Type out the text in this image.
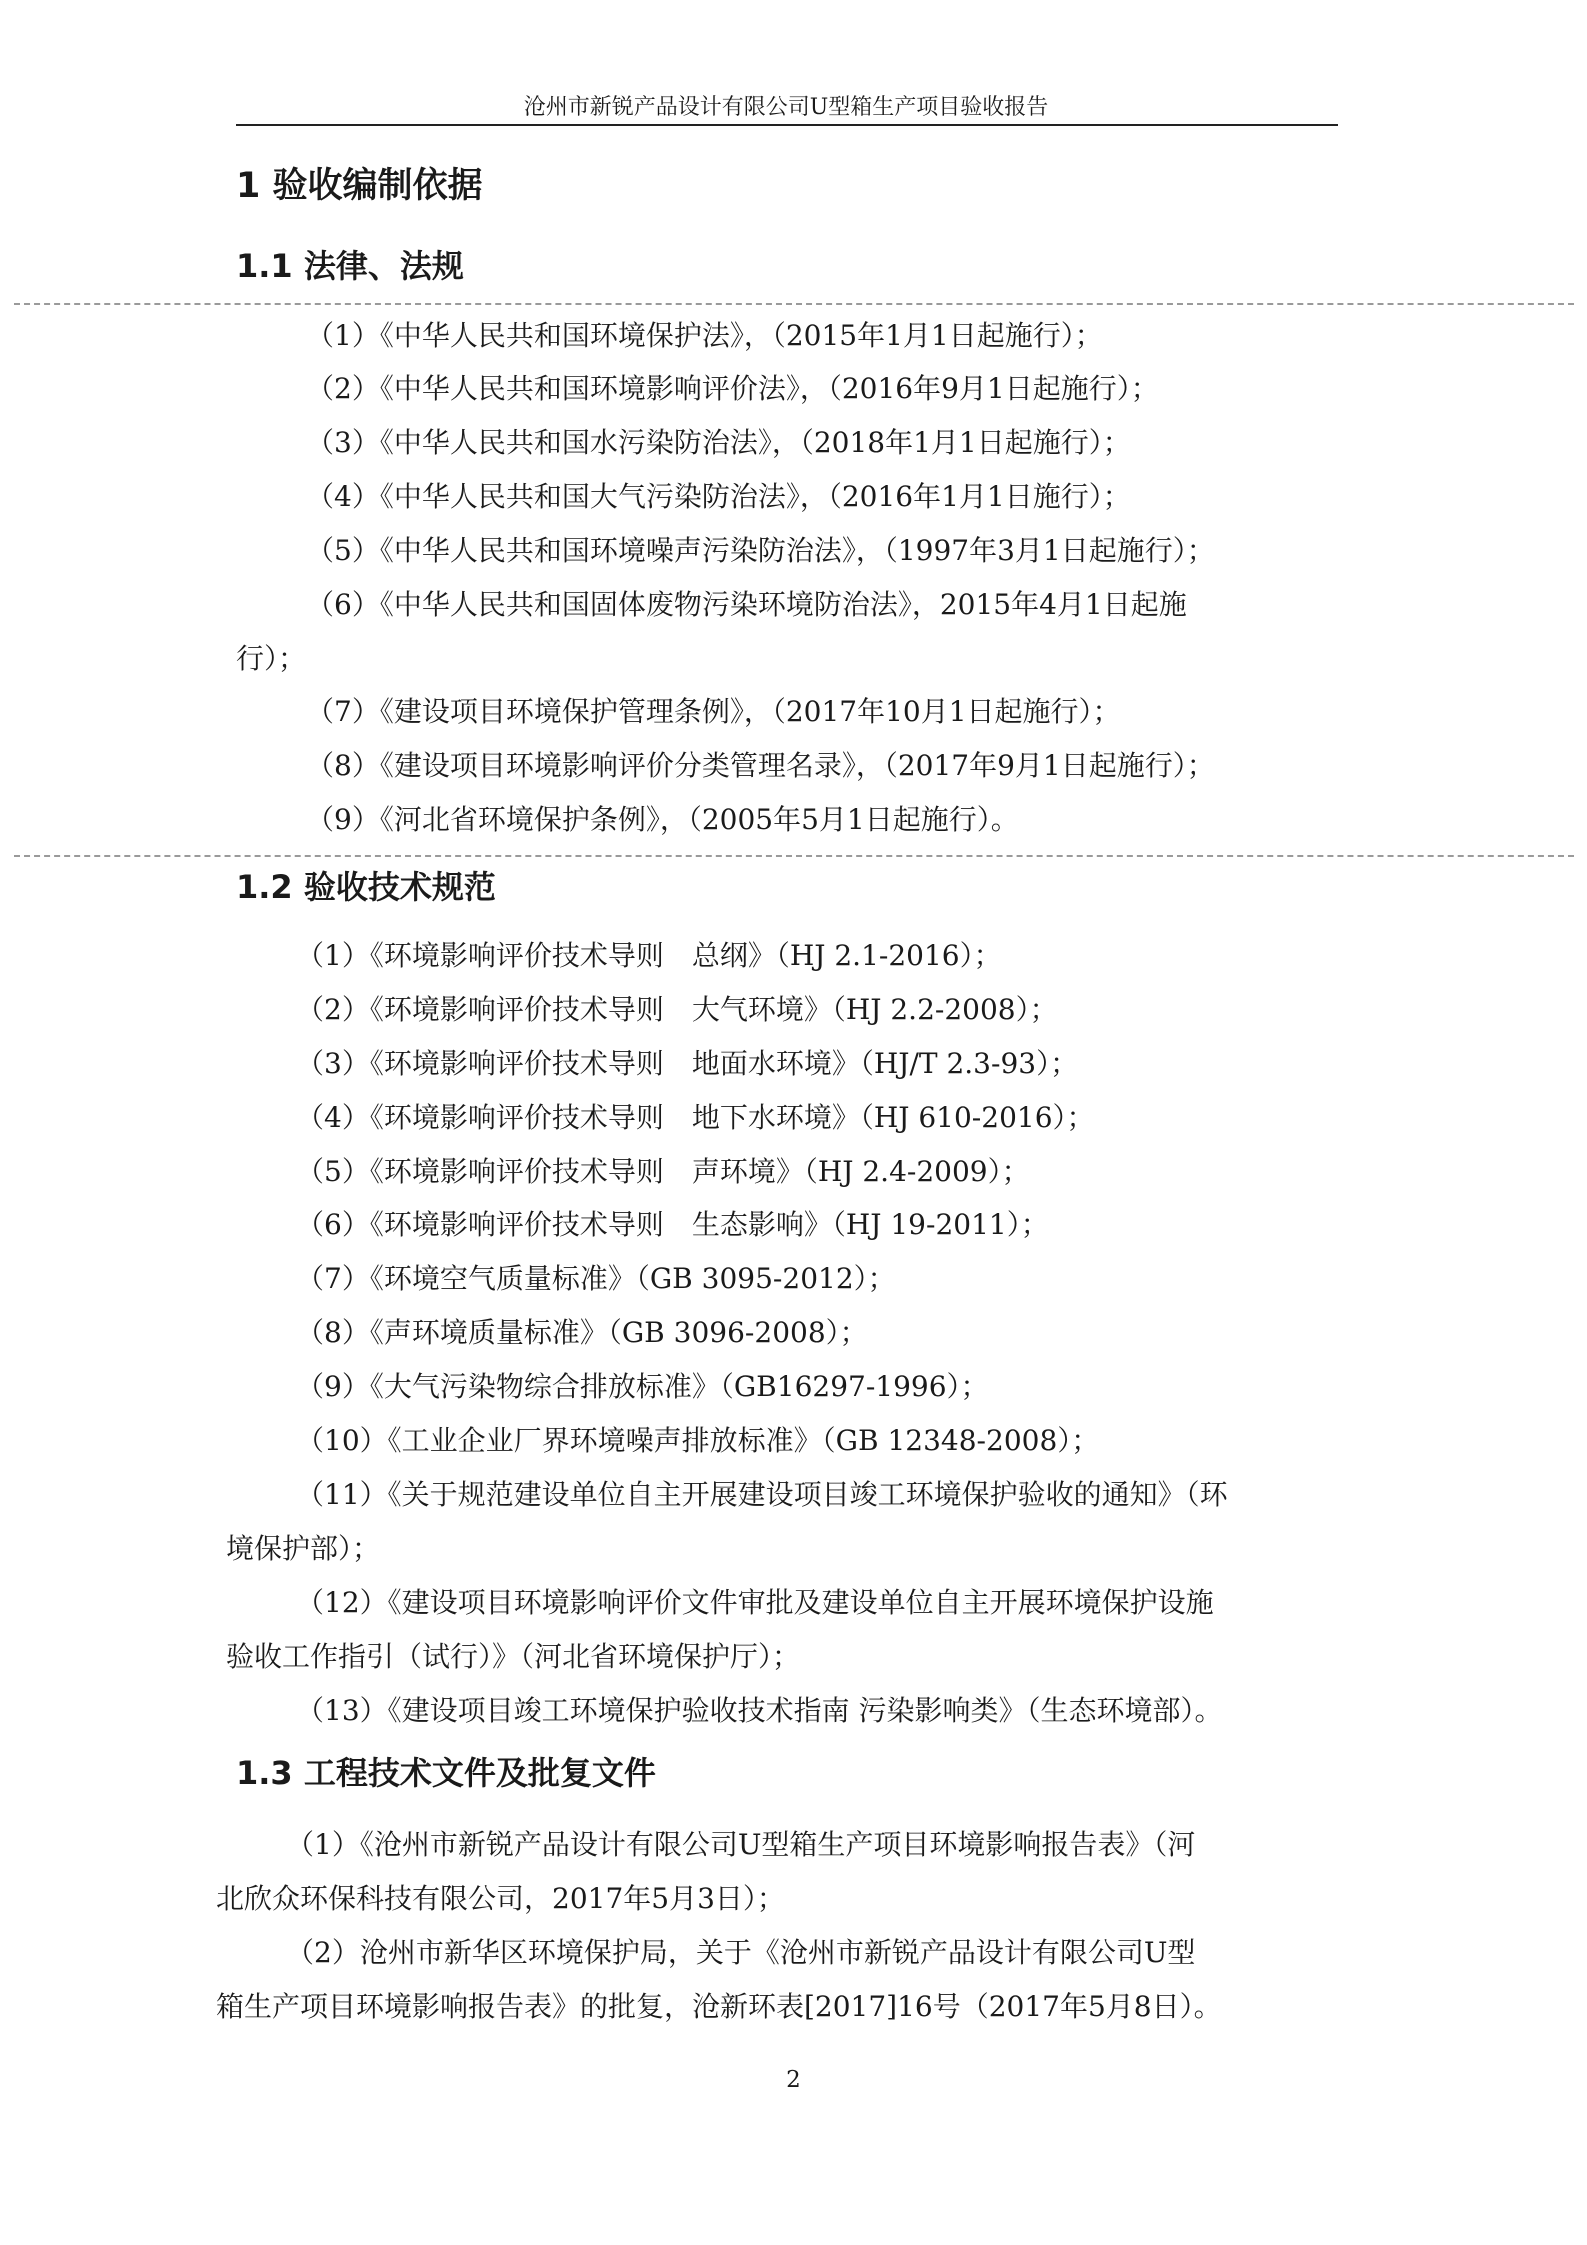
沧州市新锐产品设计有限公司U型箱生产项目验收报告
1 验收编制依据
1.1 法律、法规
（1）《中华人民共和国环境保护法》，（2015年1月1日起施行）；
（2）《中华人民共和国环境影响评价法》，（2016年9月1日起施行）；
（3）《中华人民共和国水污染防治法》，（2018年1月1日起施行）；
（4）《中华人民共和国大气污染防治法》，（2016年1月1日施行）；
（5）《中华人民共和国环境噪声污染防治法》，（1997年3月1日起施行）；
（6）《中华人民共和国固体废物污染环境防治法》，2015年4月1日起施
行）；
（7）《建设项目环境保护管理条例》，（2017年10月1日起施行）；
（8）《建设项目环境影响评价分类管理名录》，（2017年9月1日起施行）；
（9）《河北省环境保护条例》，（2005年5月1日起施行）。
1.2 验收技术规范
（1）《环境影响评价技术导则　总纲》（HJ 2.1-2016）；
（2）《环境影响评价技术导则　大气环境》（HJ 2.2-2008）；
（3）《环境影响评价技术导则　地面水环境》（HJ/T 2.3-93）；
（4）《环境影响评价技术导则　地下水环境》（HJ 610-2016）；
（5）《环境影响评价技术导则　声环境》（HJ 2.4-2009）；
（6）《环境影响评价技术导则　生态影响》（HJ 19-2011）；
（7）《环境空气质量标准》（GB 3095-2012）；
（8）《声环境质量标准》（GB 3096-2008）；
（9）《大气污染物综合排放标准》（GB16297-1996）；
（10）《工业企业厂界环境噪声排放标准》（GB 12348-2008）；
（11）《关于规范建设单位自主开展建设项目竣工环境保护验收的通知》（环
境保护部）；
（12）《建设项目环境影响评价文件审批及建设单位自主开展环境保护设施
验收工作指引（试行）》（河北省环境保护厅）；
（13）《建设项目竣工环境保护验收技术指南 污染影响类》（生态环境部）。
1.3 工程技术文件及批复文件
（1）《沧州市新锐产品设计有限公司U型箱生产项目环境影响报告表》（河
北欣众环保科技有限公司，2017年5月3日）；
（2）沧州市新华区环境保护局，关于《沧州市新锐产品设计有限公司U型
箱生产项目环境影响报告表》的批复，沧新环表[2017]16号（2017年5月8日）。
2
